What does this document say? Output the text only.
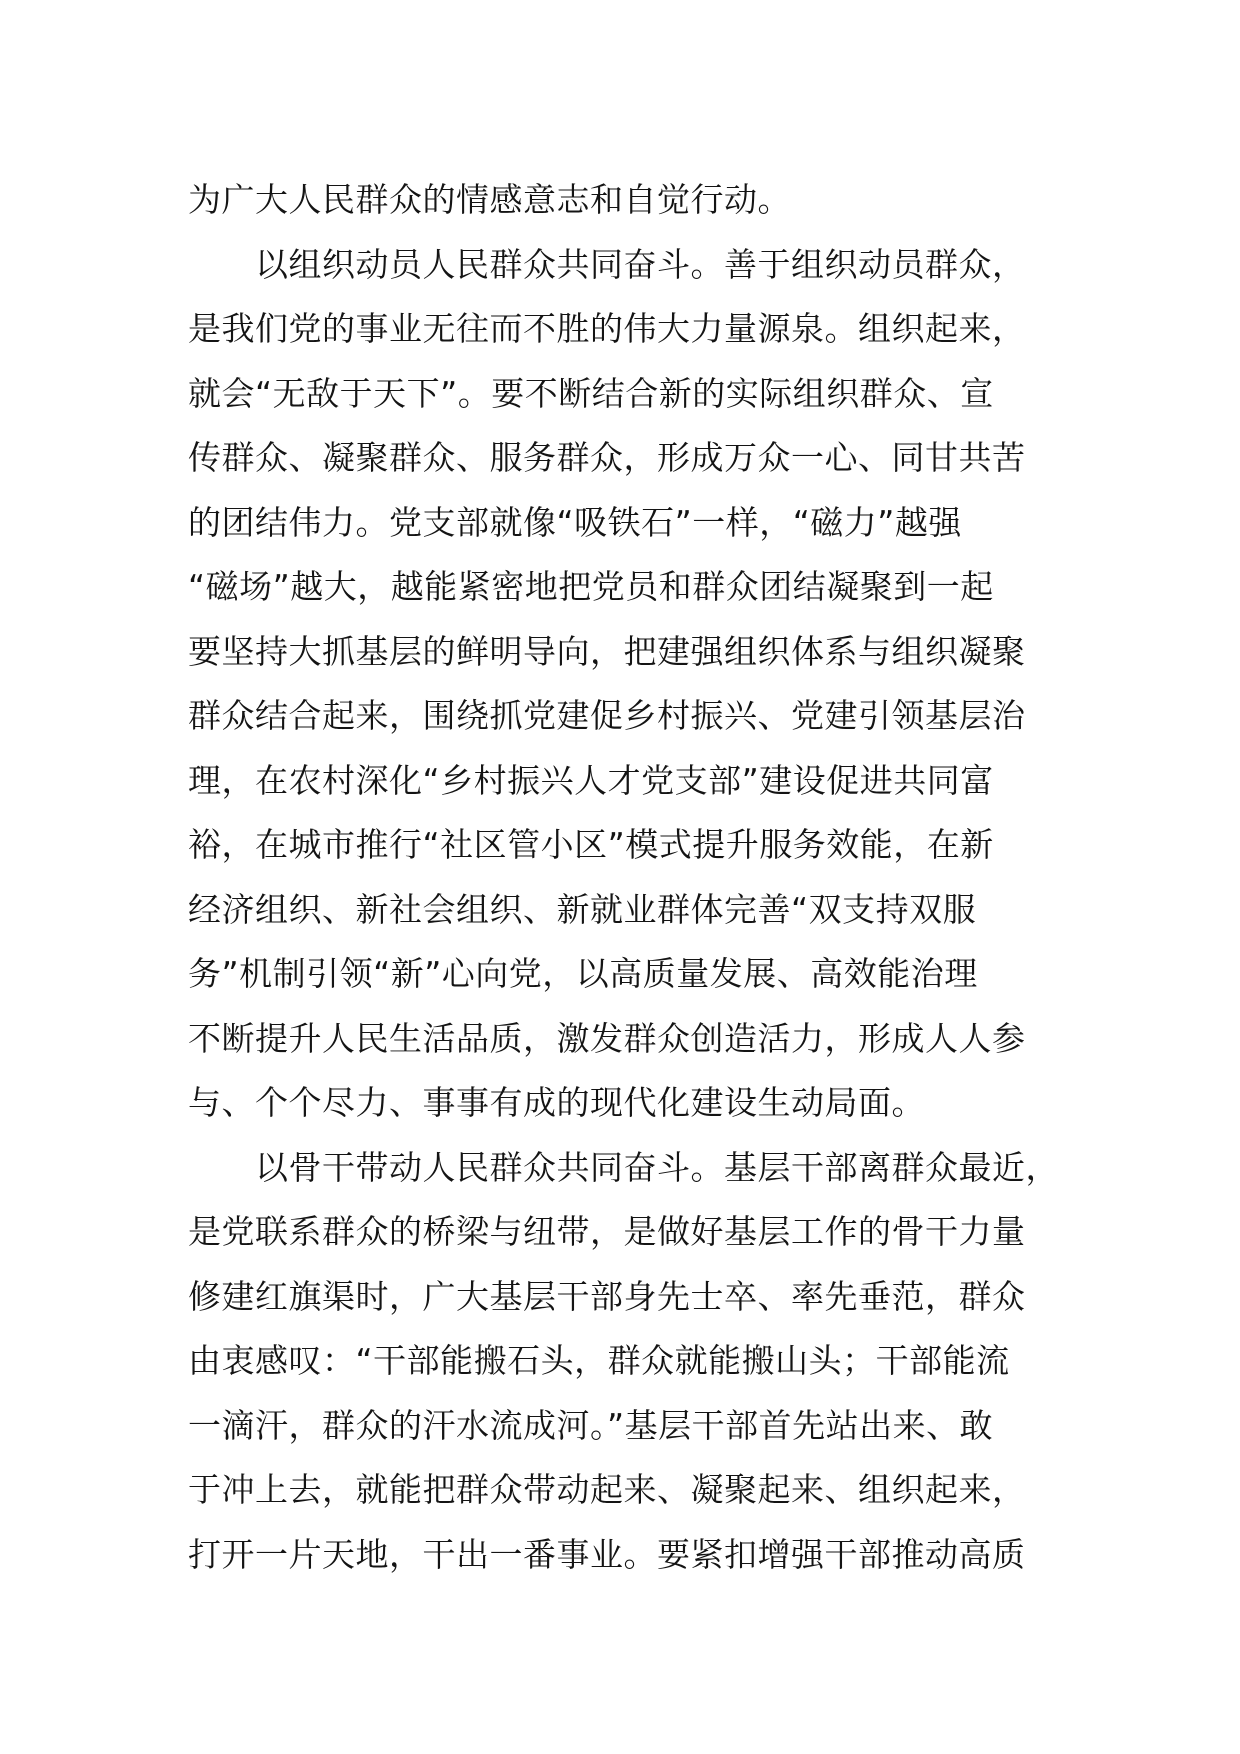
为广大人民群众的情感意志和自觉行动。
　　以组织动员人民群众共同奋斗。善于组织动员群众，
是我们党的事业无往而不胜的伟大力量源泉。组织起来，
就会“无敌于天下”。要不断结合新的实际组织群众、宣
传群众、凝聚群众、服务群众，形成万众一心、同甘共苦
的团结伟力。党支部就像“吸铁石”一样，“磁力”越强
“磁场”越大，越能紧密地把党员和群众团结凝聚到一起
要坚持大抓基层的鲜明导向，把建强组织体系与组织凝聚
群众结合起来，围绕抓党建促乡村振兴、党建引领基层治
理，在农村深化“乡村振兴人才党支部”建设促进共同富
裕，在城市推行“社区管小区”模式提升服务效能，在新
经济组织、新社会组织、新就业群体完善“双支持双服
务”机制引领“新”心向党，以高质量发展、高效能治理
不断提升人民生活品质，激发群众创造活力，形成人人参
与、个个尽力、事事有成的现代化建设生动局面。
　　以骨干带动人民群众共同奋斗。基层干部离群众最近，
是党联系群众的桥梁与纽带，是做好基层工作的骨干力量
修建红旗渠时，广大基层干部身先士卒、率先垂范，群众
由衷感叹：“干部能搬石头，群众就能搬山头；干部能流
一滴汗，群众的汗水流成河。”基层干部首先站出来、敢
于冲上去，就能把群众带动起来、凝聚起来、组织起来，
打开一片天地，干出一番事业。要紧扣增强干部推动高质
